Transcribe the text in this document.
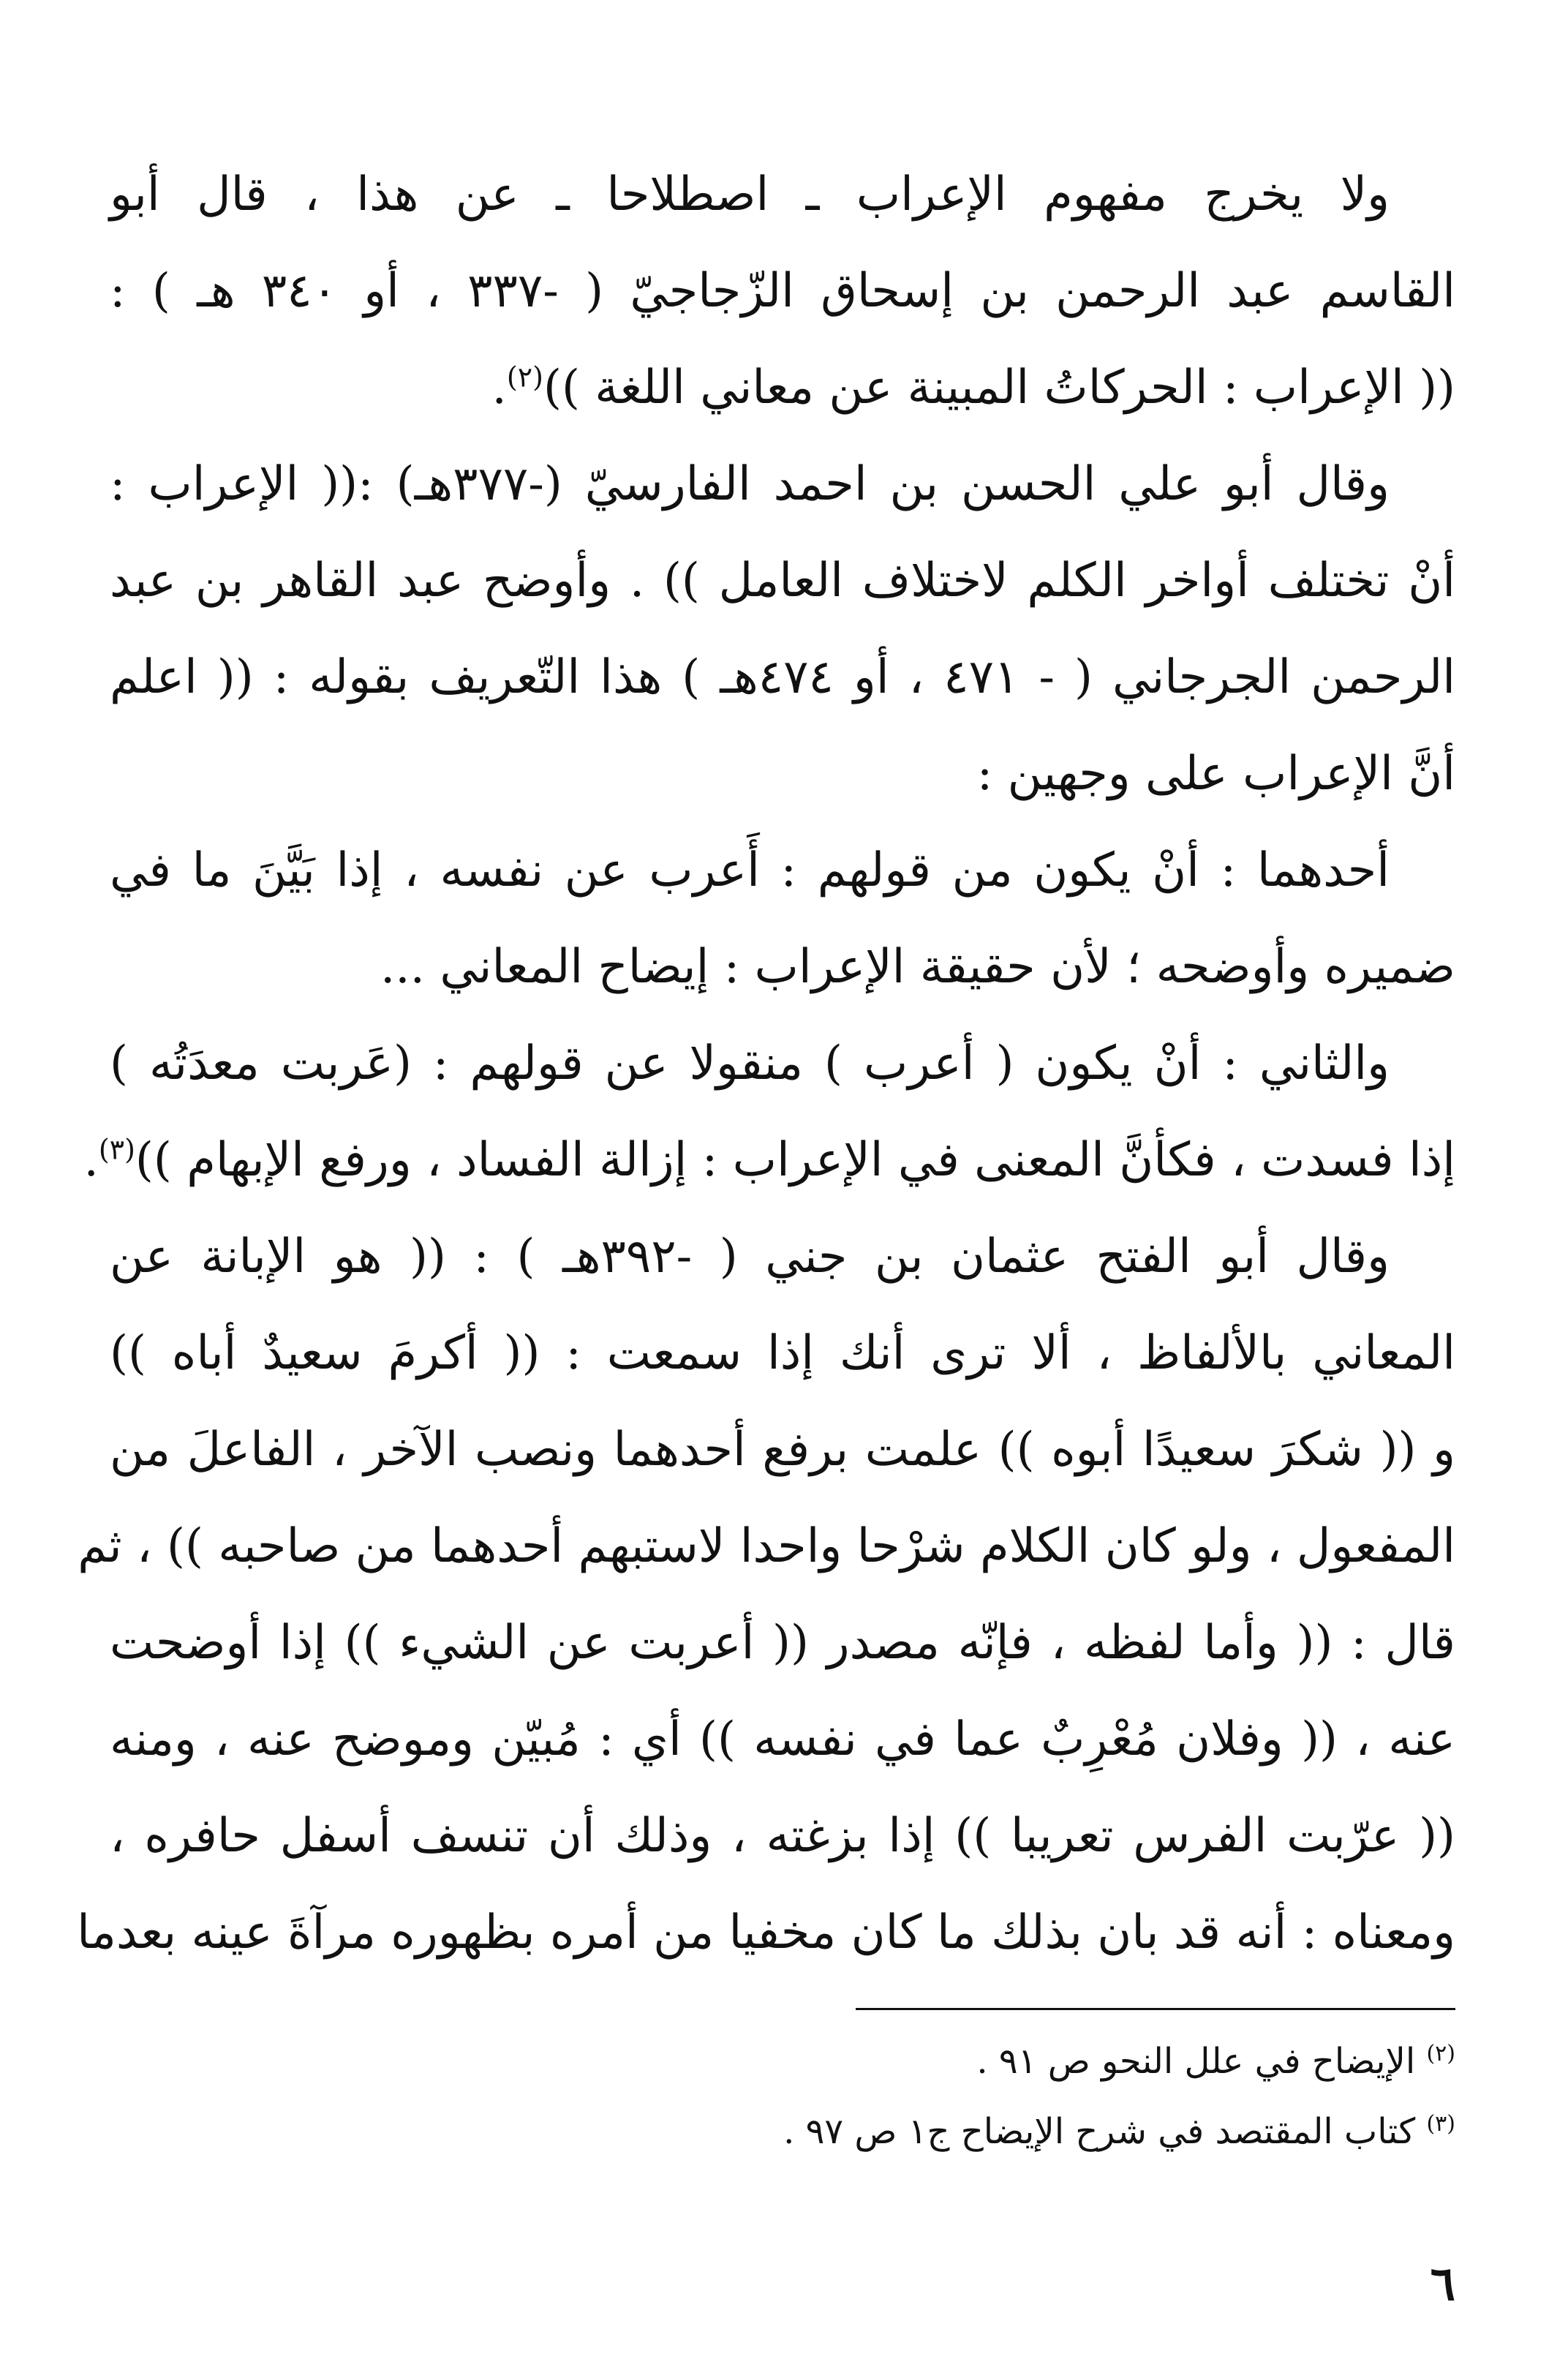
ولا يخرج مفهوم الإعراب ـ اصطلاحا ـ عن هذا ، قال أبو
القاسم عبد الرحمن بن إسحاق الزّجاجيّ ( -٣٣٧ ، أو ٣٤٠ هـ ) :
(( الإعراب : الحركاتُ المبينة عن معاني اللغة ))$^{(٢)}$.
وقال أبو علي الحسن بن احمد الفارسيّ (-٣٧٧هـ) :(( الإعراب :
أنْ تختلف أواخر الكلم لاختلاف العامل )) . وأوضح عبد القاهر بن عبد
الرحمن الجرجاني ( - ٤٧١ ، أو ٤٧٤هـ ) هذا التّعريف بقوله : (( اعلم
أنَّ الإعراب على وجهين :
أحدهما : أنْ يكون من قولهم : أَعرب عن نفسه ، إذا بَيَّنَ ما في
ضميره وأوضحه ؛ لأن حقيقة الإعراب : إيضاح المعاني ...
والثاني : أنْ يكون ( أعرب ) منقولا عن قولهم : (عَربت معدَتُه )
إذا فسدت ، فكأنَّ المعنى في الإعراب : إزالة الفساد ، ورفع الإبهام ))$^{(٣)}$.
وقال أبو الفتح عثمان بن جني ( -٣٩٢هـ ) : (( هو الإبانة عن
المعاني بالألفاظ ، ألا ترى أنك إذا سمعت : (( أكرمَ سعيدٌ أباه ))
و (( شكرَ سعيدًا أبوه )) علمت برفع أحدهما ونصب الآخر ، الفاعلَ من
المفعول ، ولو كان الكلام شرْحا واحدا لاستبهم أحدهما من صاحبه )) ، ثم
قال : (( وأما لفظه ، فإنّه مصدر (( أعربت عن الشيء )) إذا أوضحت
عنه ، (( وفلان مُعْرِبٌ عما في نفسه )) أي : مُبيّن وموضح عنه ، ومنه
(( عرّبت الفرس تعريبا )) إذا بزغته ، وذلك أن تنسف أسفل حافره ،
ومعناه : أنه قد بان بذلك ما كان مخفيا من أمره بظهوره مرآةَ عينه بعدما
$^{(٢)}$ الإيضاح في علل النحو ص ٩١ .
$^{(٣)}$ كتاب المقتصد في شرح الإيضاح ج١ ص ٩٧ .
٦
